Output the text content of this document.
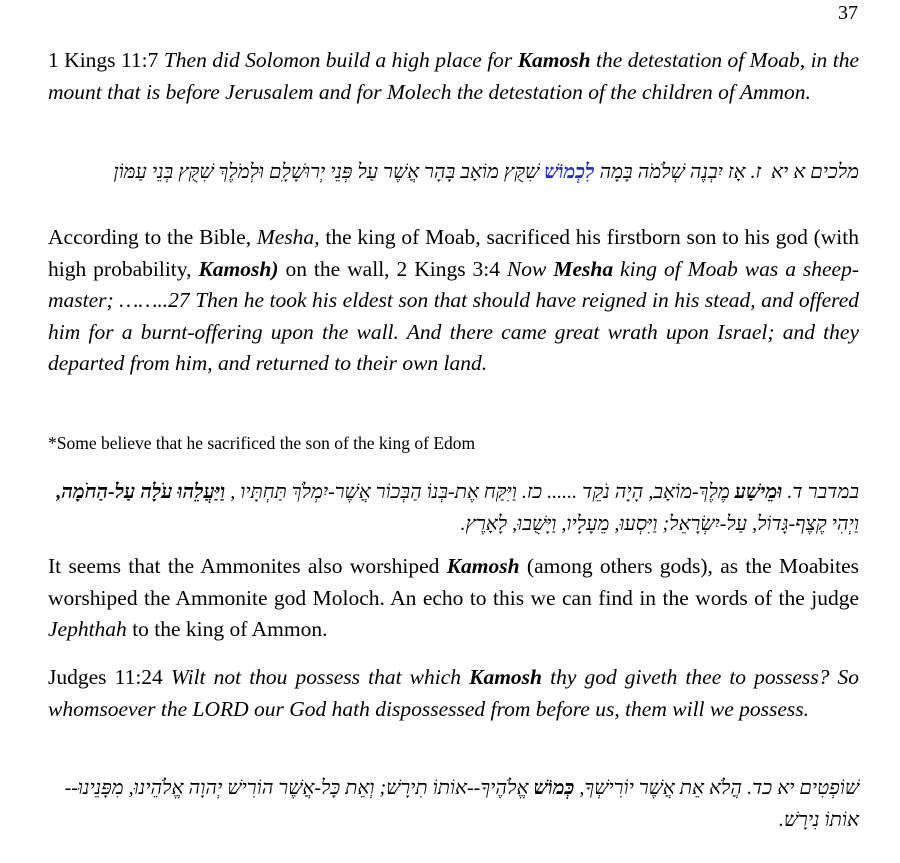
37

1 Kings 11:7 Then did Solomon build a high place for Kamosh the detestation of Moab, in the mount that is before Jerusalem and for Molech the detestation of the children of Ammon.

מלכים א יא  ז. אָז יִבְנֶה שְׁלֹמֹה בָּמָה לִכְמוֹשׁ שִׁקֻּץ מוֹאָב בָּהָר אֲשֶׁר עַל פְּנֵי יְרוּשָׁלִָם וּלְמֹלֶךְ שִׁקֻּץ בְּנֵי עַמּוֹן

According to the Bible, Mesha, the king of Moab, sacrificed his firstborn son to his god (with high probability, Kamosh) on the wall, 2 Kings 3:4 Now Mesha king of Moab was a sheep-master; ……..27 Then he took his eldest son that should have reigned in his stead, and offered him for a burnt-offering upon the wall. And there came great wrath upon Israel; and they departed from him, and returned to their own land.

*Some believe that he sacrificed the son of the king of Edom

במדבר ד. וּמֵישַׁע מֶלֶךְ-מוֹאָב, הָיָה נֹקֵד ...... כז. וַיִּקַּח אֶת-בְּנוֹ הַבְּכוֹר אֲשֶׁר-יִמְלֹךְ תַּחְתָּיו , וַיַּעֲלֵהוּ עֹלָה עַל-הַחֹמָה, וַיְהִי קֶצֶף-גָּדוֹל, עַל-יִשְׂרָאֵל; וַיִּסְעוּ, מֵעָלָיו, וַיָּשֻׁבוּ, לָאָרֶץ.

It seems that the Ammonites also worshiped Kamosh (among others gods), as the Moabites worshiped the Ammonite god Moloch. An echo to this we can find in the words of the judge Jephthah to the king of Ammon.

Judges 11:24 Wilt not thou possess that which Kamosh thy god giveth thee to possess? So whomsoever the LORD our God hath dispossessed from before us, them will we possess.

שׁוֹפְטִים יא כד. הֲלֹא אֵת אֲשֶׁר יוֹרִישְׁךָ, כְּמוֹשׁ אֱלֹהֶיךָ--אוֹתוֹ תִירָשׁ; וְאֵת כָּל-אֲשֶׁר הוֹרִישׁ יְהוָה אֱלֹהֵינוּ, מִפָּנֵינוּ--אוֹתוֹ נִירָשׁ.
